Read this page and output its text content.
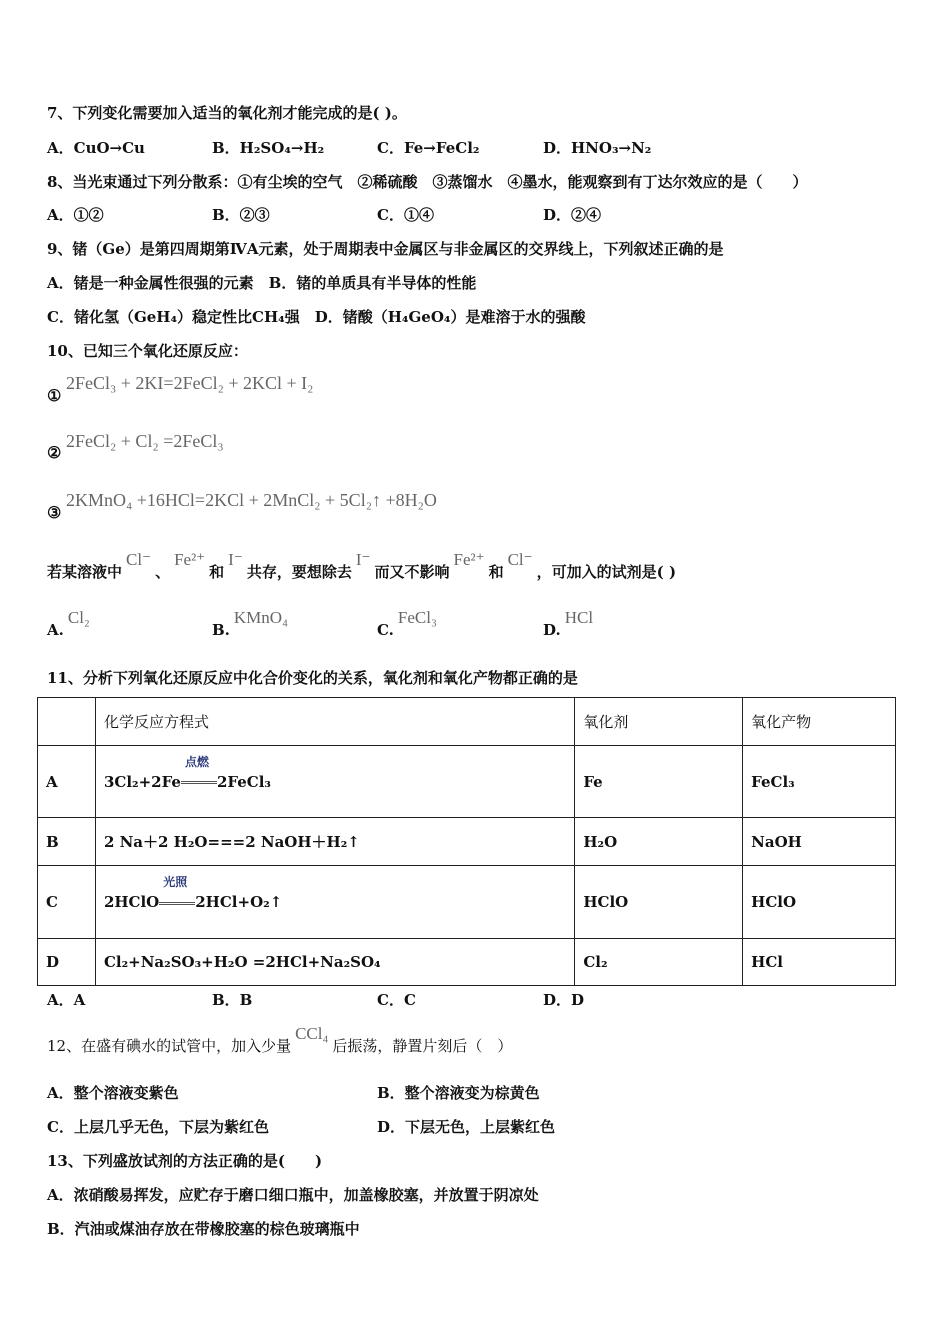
7、下列变化需要加入适当的氧化剂才能完成的是( )。
A．CuO→Cu	B．H₂SO₄→H₂	C．Fe→FeCl₂	D．HNO₃→N₂
8、当光束通过下列分散系：①有尘埃的空气　②稀硫酸　③蒸馏水　④墨水，能观察到有丁达尔效应的是（　　）
A．①②	B．②③	C．①④	D．②④
9、锗（Ge）是第四周期第ⅣA元素，处于周期表中金属区与非金属区的交界线上，下列叙述正确的是
A．锗是一种金属性很强的元素　B．锗的单质具有半导体的性能
C．锗化氢（GeH₄）稳定性比CH₄强　D．锗酸（H₄GeO₄）是难溶于水的强酸
10、已知三个氧化还原反应：
①
2FeCl₃ + 2KI=2FeCl₂ + 2KCl + I₂
②
2FeCl₂ + Cl₂ =2FeCl₃
③
2KMnO₄ +16HCl=2KCl + 2MnCl₂ + 5Cl₂↑ +8H₂O
若某溶液中Cl⁻、Fe²⁺和I⁻共存，要想除去I⁻而又不影响Fe²⁺和Cl⁻，可加入的试剂是( )
A.Cl₂
B.KMnO₄
C.FeCl₃
D.HCl
11、分析下列氧化还原反应中化合价变化的关系，氧化剂和氧化产物都正确的是
	化学反应方程式	氧化剂	氧化产物
A	3Cl₂+2Fe
点燃
2FeCl₃	Fe	FeCl₃
B	2 Na＋2 H₂O===2 NaOH＋H₂↑	H₂O	NaOH
C	2HClO
光照
2HCl+O₂↑	HClO	HClO
D	Cl₂+Na₂SO₃+H₂O =2HCl+Na₂SO₄	Cl₂	HCl
A．A	B．B	C．C	D．D
12、在盛有碘水的试管中，加入少量CCl₄后振荡，静置片刻后（　）
A．整个溶液变紫色	B．整个溶液变为棕黄色
C．上层几乎无色，下层为紫红色	D．下层无色，上层紫红色
13、下列盛放试剂的方法正确的是(　　)
A．浓硝酸易挥发，应贮存于磨口细口瓶中，加盖橡胶塞，并放置于阴凉处
B．汽油或煤油存放在带橡胶塞的棕色玻璃瓶中
